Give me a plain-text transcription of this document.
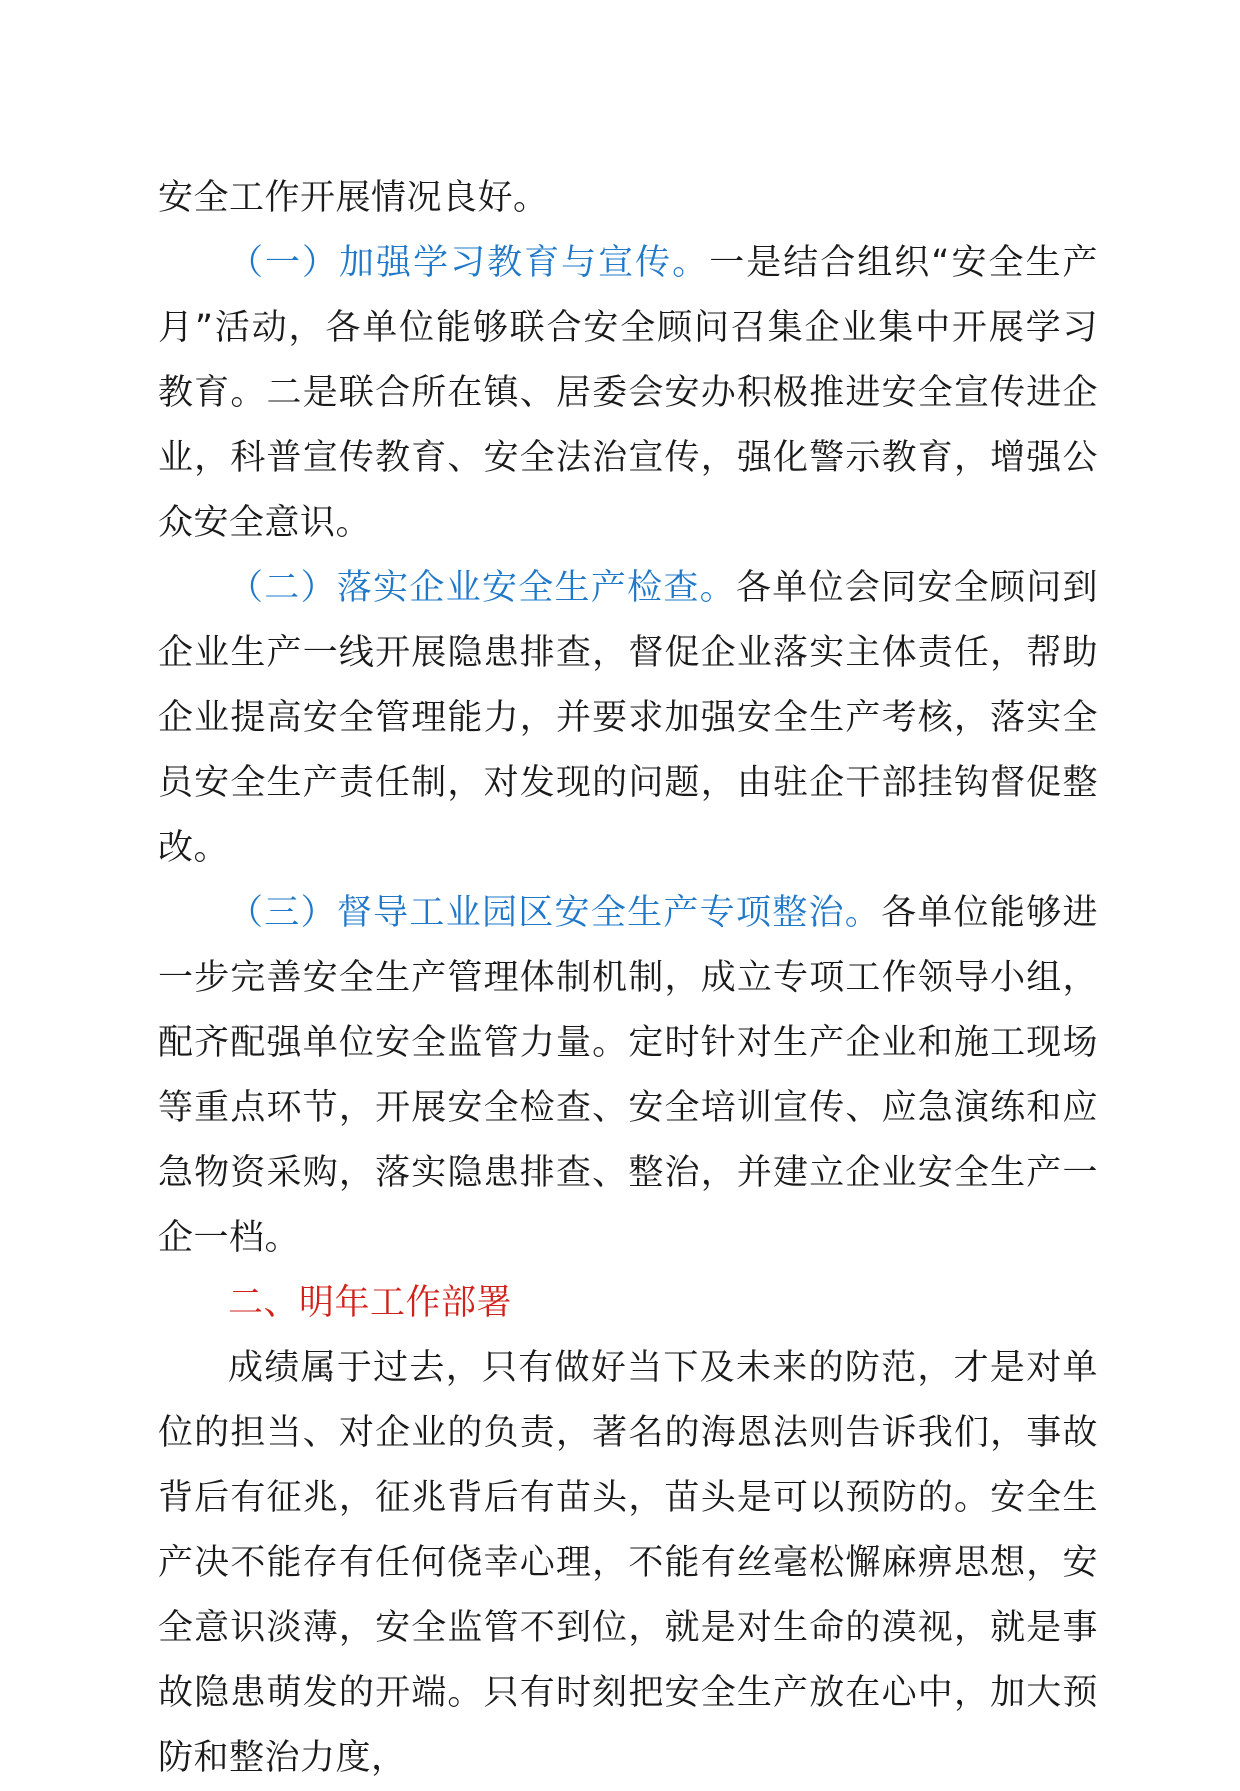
安全工作开展情况良好。

（一）加强学习教育与宣传。一是结合组织“安全生产月”活动，各单位能够联合安全顾问召集企业集中开展学习教育。二是联合所在镇、居委会安办积极推进安全宣传进企业，科普宣传教育、安全法治宣传，强化警示教育，增强公众安全意识。

（二）落实企业安全生产检查。各单位会同安全顾问到企业生产一线开展隐患排查，督促企业落实主体责任，帮助企业提高安全管理能力，并要求加强安全生产考核，落实全员安全生产责任制，对发现的问题，由驻企干部挂钩督促整改。

（三）督导工业园区安全生产专项整治。各单位能够进一步完善安全生产管理体制机制，成立专项工作领导小组，配齐配强单位安全监管力量。定时针对生产企业和施工现场等重点环节，开展安全检查、安全培训宣传、应急演练和应急物资采购，落实隐患排查、整治，并建立企业安全生产一企一档。

二、明年工作部署

成绩属于过去，只有做好当下及未来的防范，才是对单位的担当、对企业的负责，著名的海恩法则告诉我们，事故背后有征兆，征兆背后有苗头，苗头是可以预防的。安全生产决不能存有任何侥幸心理，不能有丝毫松懈麻痹思想，安全意识淡薄，安全监管不到位，就是对生命的漠视，就是事故隐患萌发的开端。只有时刻把安全生产放在心中，加大预防和整治力度，
